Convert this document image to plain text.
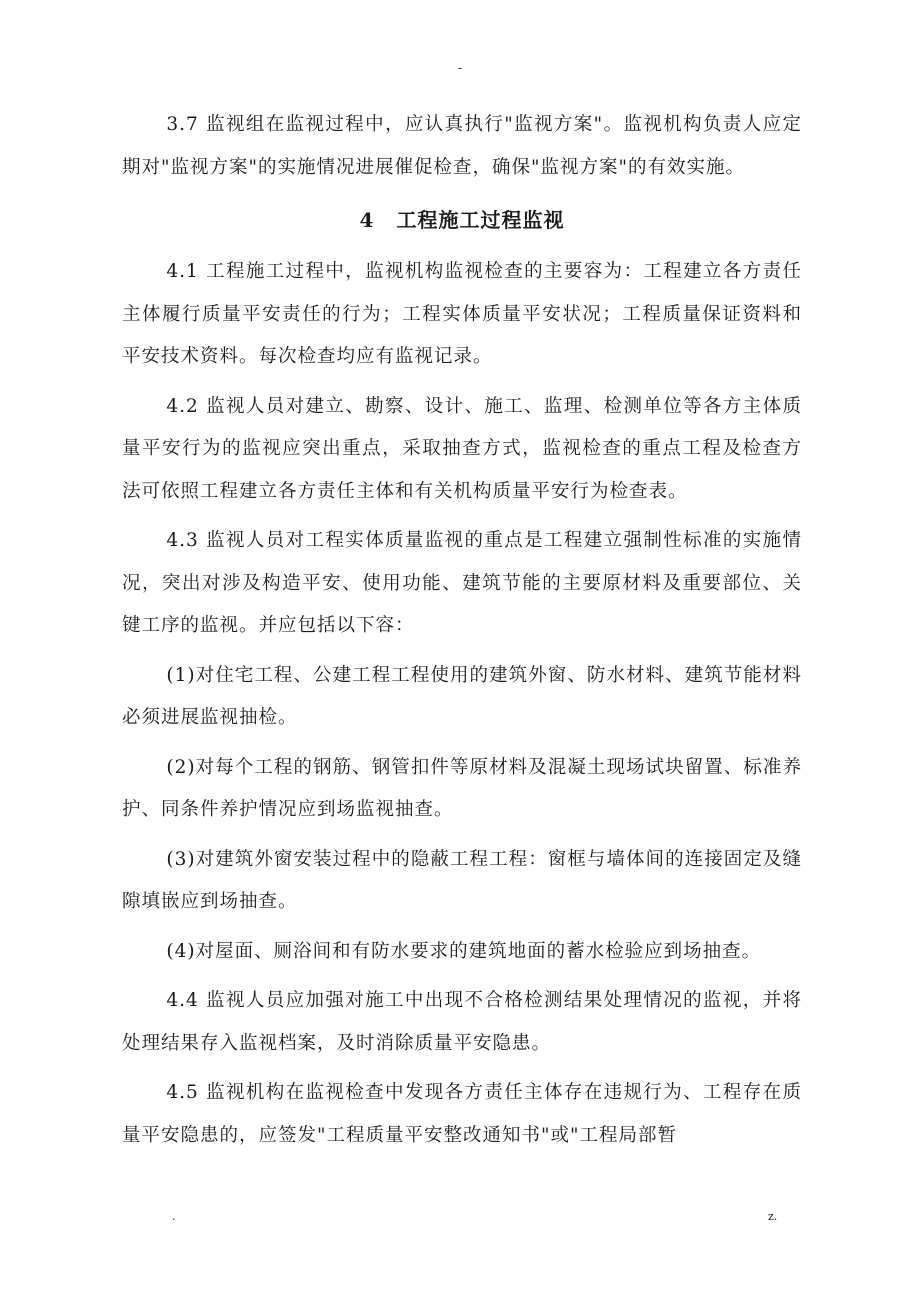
-

3.7 监视组在监视过程中，应认真执行"监视方案"。监视机构负责人应定期对"监视方案"的实施情况进展催促检查，确保"监视方案"的有效实施。

4 工程施工过程监视

4.1 工程施工过程中，监视机构监视检查的主要容为：工程建立各方责任主体履行质量平安责任的行为；工程实体质量平安状况；工程质量保证资料和平安技术资料。每次检查均应有监视记录。

4.2 监视人员对建立、勘察、设计、施工、监理、检测单位等各方主体质量平安行为的监视应突出重点，采取抽查方式，监视检查的重点工程及检查方法可依照工程建立各方责任主体和有关机构质量平安行为检查表。

4.3 监视人员对工程实体质量监视的重点是工程建立强制性标准的实施情况，突出对涉及构造平安、使用功能、建筑节能的主要原材料及重要部位、关键工序的监视。并应包括以下容：

(1)对住宅工程、公建工程工程使用的建筑外窗、防水材料、建筑节能材料必须进展监视抽检。

(2)对每个工程的钢筋、钢管扣件等原材料及混凝土现场试块留置、标准养护、同条件养护情况应到场监视抽查。

(3)对建筑外窗安装过程中的隐蔽工程工程：窗框与墙体间的连接固定及缝隙填嵌应到场抽查。

(4)对屋面、厕浴间和有防水要求的建筑地面的蓄水检验应到场抽查。

4.4 监视人员应加强对施工中出现不合格检测结果处理情况的监视，并将处理结果存入监视档案，及时消除质量平安隐患。

4.5 监视机构在监视检查中发现各方责任主体存在违规行为、工程存在质量平安隐患的，应签发"工程质量平安整改通知书"或"工程局部暂

.	z.
